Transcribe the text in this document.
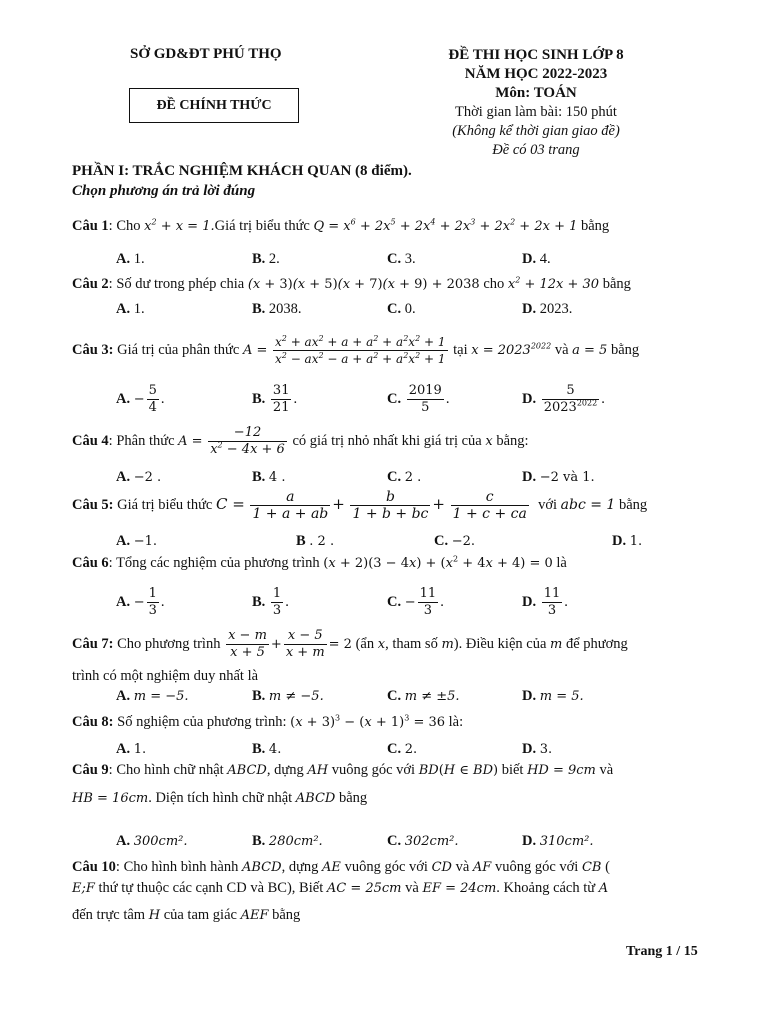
SỞ GD&ĐT PHÚ THỌ
ĐỀ CHÍNH THỨC
ĐỀ THI HỌC SINH LỚP 8
NĂM HỌC 2022-2023
Môn: TOÁN
Thời gian làm bài: 150 phút
(Không kể thời gian giao đề)
Đề có 03 trang
PHẦN I: TRẮC NGHIỆM KHÁCH QUAN (8 điểm).
Chọn phương án trả lời đúng
Câu 1: Cho $x^2 + x$ = 1.Giá trị biểu thức $Q = x^6 + 2x^5 + 2x^4 + 2x^3 + 2x^2 + 2x + 1$ bằng
A. 1.	B. 2.	C. 3.	D. 4.
Câu 2: Số dư trong phép chia (x + 3)(x + 5)(x + 7)(x + 9) + 2038 cho $x^2 + 12x + 30$ bằng
A. 1.	B. 2038.	C. 0.	D. 2023.
Câu 3: Giá trị của phân thức $A = \frac{x^2 + ax^2 + a + a^2 + a^2x^2 + 1}{x^2 - ax^2 - a + a^2 + a^2x^2 + 1}$ tại $x = 2023^{2022}$ và a = 5 bằng
A. − $\frac{5}{4}$ .	B. $\frac{31}{21}$ .	C. $\frac{2019}{5}$ .	D. $\frac{5}{2023^{2022}}$ .
Câu 4: Phân thức $A = \frac{-12}{x^2 - 4x + 6}$ có giá trị nhỏ nhất khi giá trị của x bằng:
A. −2 .	B. 4 .	C. 2 .	D. −2 và 1.
Câu 5: Giá trị biểu thức $C = \frac{a}{1 + a + ab} + \frac{b}{1 + b + bc} + \frac{c}{1 + c + ca}$ với abc = 1 bằng
A. −1.	B . 2 .	C. −2.	D. 1.
Câu 6: Tổng các nghiệm của phương trình $(x + 2)(3 - 4x) + (x^2 + 4x + 4) = 0$ là
A. − $\frac{1}{3}$ .	B. $\frac{1}{3}$ .	C. − $\frac{11}{3}$ .	D. $\frac{11}{3}$ .
Câu 7: Cho phương trình $\frac{x - m}{x + 5} + \frac{x - 5}{x + m} = 2$ (ẩn x, tham số m). Điều kiện của m để phương
trình có một nghiệm duy nhất là
A. m = −5.	B. m ≠ −5.	C. m ≠ ±5.	D. m = 5.
Câu 8: Số nghiệm của phương trình: $(x + 3)^3 - (x + 1)^3 = 36$ là:
A. 1.	B. 4.	C. 2.	D. 3.
Câu 9: Cho hình chữ nhật ABCD, dựng AH vuông góc với BD(H ∈ BD) biết HD = 9cm và
HB = 16cm. Diện tích hình chữ nhật ABCD bằng
A. 300cm².	B. 280cm².	C. 302cm².	D. 310cm².
Câu 10: Cho hình bình hành ABCD, dựng AE vuông góc với CD và AF vuông góc với CB (
E;F thứ tự thuộc các cạnh CD và BC), Biết AC = 25cm và EF = 24cm. Khoảng cách từ A
đến trực tâm H của tam giác AEF bằng
Trang 1 / 15
